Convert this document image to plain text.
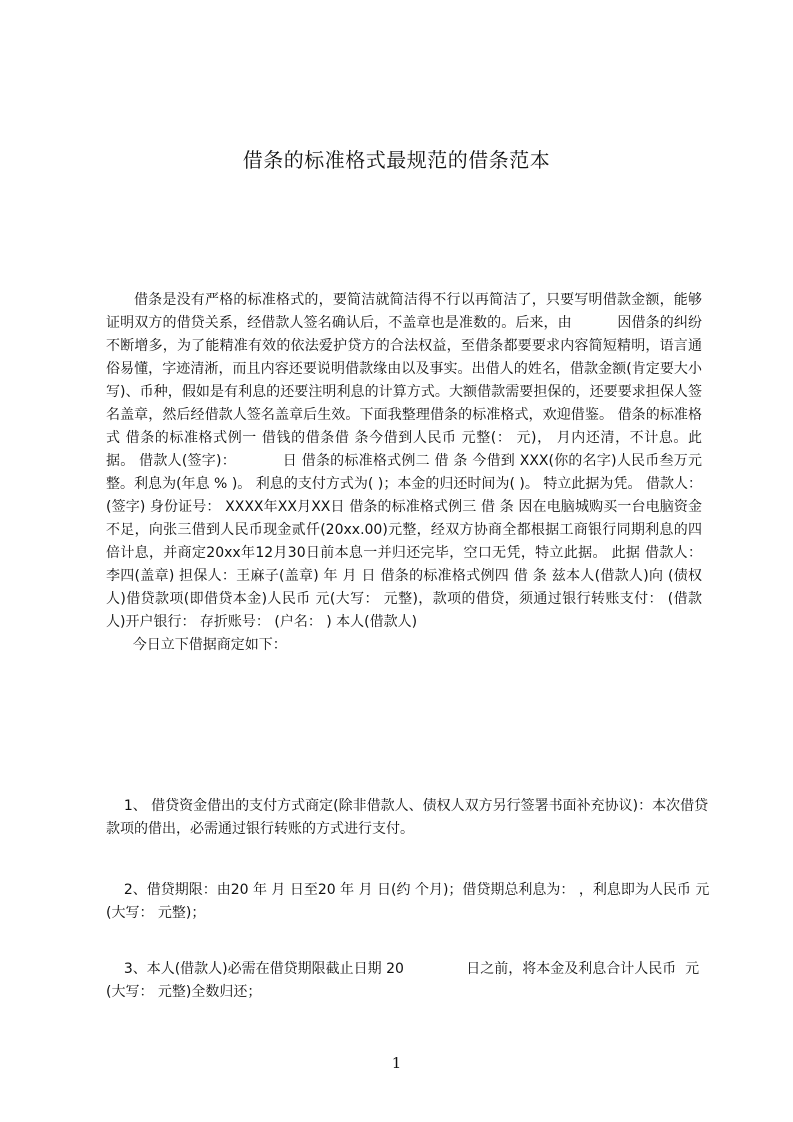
借条的标准格式最规范的借条范本
借条是没有严格的标准格式的，要简洁就简洁得不行以再简洁了，只要写明借款金额，能够证明双方的借贷关系，经借款人签名确认后，不盖章也是准数的。后来，由          因借条的纠纷不断增多，为了能精准有效的依法爱护贷方的合法权益，至借条都要要求内容简短精明，语言通俗易懂，字迹清淅，而且内容还要说明借款缘由以及事实。出借人的姓名，借款金额(肯定要大小写)、币种，假如是有利息的还要注明利息的计算方式。大额借款需要担保的，还要要求担保人签名盖章，然后经借款人签名盖章后生效。下面我整理借条的标准格式，欢迎借鉴。 借条的标准格式 借条的标准格式例一 借钱的借条借 条今借到人民币 元整(： 元)， 月内还清，不计息。此据。 借款人(签字)：          日 借条的标准格式例二 借 条 今借到 XXX(你的名字)人民币叁万元整。利息为(年息 % )。 利息的支付方式为( )；本金的归还时间为( )。 特立此据为凭。 借款人：(签字) 身份证号： XXXX年XX月XX日 借条的标准格式例三 借 条 因在电脑城购买一台电脑资金不足，向张三借到人民币现金贰仟(20xx.00)元整，经双方协商全都根据工商银行同期利息的四倍计息，并商定20xx年12月30日前本息一并归还完毕，空口无凭，特立此据。 此据 借款人：李四(盖章) 担保人：王麻子(盖章) 年 月 日 借条的标准格式例四 借 条 兹本人(借款人)向 (债权人)借贷款项(即借贷本金)人民币 元(大写： 元整)，款项的借贷，须通过银行转账支付： (借款人)开户银行： 存折账号： (户名： ) 本人(借款人)
今日立下借据商定如下：
1、 借贷资金借出的支付方式商定(除非借款人、债权人双方另行签署书面补充协议)：本次借贷款项的借出，必需通过银行转账的方式进行支付。
2、借贷期限：由20 年 月 日至20 年 月 日(约 个月)；借贷期总利息为： ，利息即为人民币 元(大写： 元整)；
3、本人(借款人)必需在借贷期限截止日期 20              日之前，将本金及利息合计人民币  元(大写： 元整)全数归还；
1
